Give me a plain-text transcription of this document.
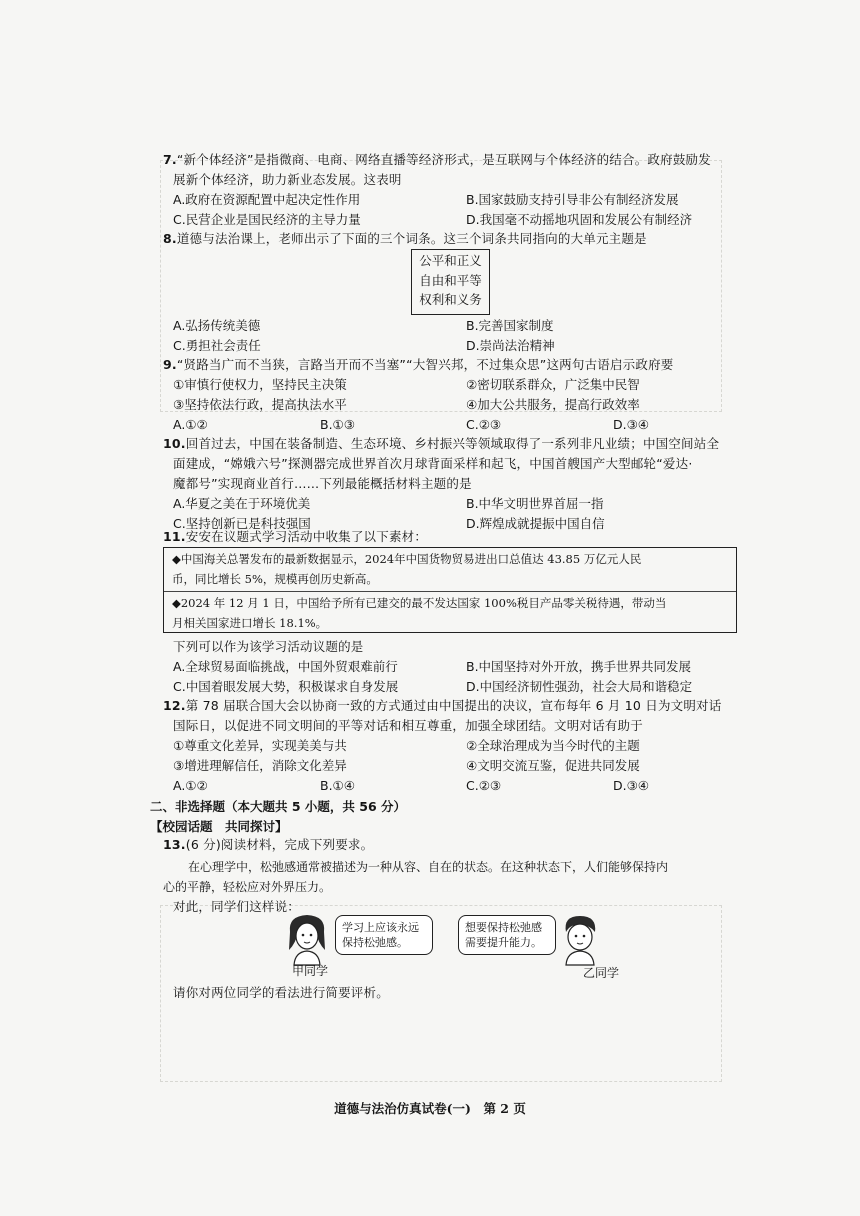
7.“新个体经济”是指微商、电商、网络直播等经济形式，是互联网与个体经济的结合。政府鼓励发
展新个体经济，助力新业态发展。这表明
A.政府在资源配置中起决定性作用	B.国家鼓励支持引导非公有制经济发展
C.民营企业是国民经济的主导力量	D.我国毫不动摇地巩固和发展公有制经济
8.道德与法治课上，老师出示了下面的三个词条。这三个词条共同指向的大单元主题是
公平和正义
自由和平等
权利和义务
A.弘扬传统美德	B.完善国家制度
C.勇担社会责任	D.崇尚法治精神
9.“贤路当广而不当狭，言路当开而不当塞”“大智兴邦，不过集众思”这两句古语启示政府要
①审慎行使权力，坚持民主决策	②密切联系群众，广泛集中民智
③坚持依法行政，提高执法水平	④加大公共服务，提高行政效率
A.①②	B.①③	C.②③	D.③④
10.回首过去，中国在装备制造、生态环境、乡村振兴等领域取得了一系列非凡业绩；中国空间站全
面建成，“嫦娥六号”探测器完成世界首次月球背面采样和起飞，中国首艘国产大型邮轮“爱达·
魔都号”实现商业首行……下列最能概括材料主题的是
A.华夏之美在于环境优美	B.中华文明世界首屈一指
C.坚持创新已是科技强国	D.辉煌成就提振中国自信
11.安安在议题式学习活动中收集了以下素材：
◆中国海关总署发布的最新数据显示，2024年中国货物贸易进出口总值达 43.85 万亿元人民
币，同比增长 5%，规模再创历史新高。
◆2024 年 12 月 1 日，中国给予所有已建交的最不发达国家 100%税目产品零关税待遇，带动当
月相关国家进口增长 18.1%。
下列可以作为该学习活动议题的是
A.全球贸易面临挑战，中国外贸艰难前行	B.中国坚持对外开放，携手世界共同发展
C.中国着眼发展大势，积极谋求自身发展	D.中国经济韧性强劲，社会大局和谐稳定
12.第 78 届联合国大会以协商一致的方式通过由中国提出的决议，宣布每年 6 月 10 日为文明对话
国际日，以促进不同文明间的平等对话和相互尊重，加强全球团结。文明对话有助于
①尊重文化差异，实现美美与共	②全球治理成为当今时代的主题
③增进理解信任，消除文化差异	④文明交流互鉴，促进共同发展
A.①②	B.①④	C.②③	D.③④
二、非选择题（本大题共 5 小题，共 56 分）
【校园话题　共同探讨】
13.(6 分)阅读材料，完成下列要求。
在心理学中，松弛感通常被描述为一种从容、自在的状态。在这种状态下，人们能够保持内
心的平静，轻松应对外界压力。
对此，同学们这样说：
学习上应该永远
保持松弛感。
甲同学
想要保持松弛感
需要提升能力。
乙同学
请你对两位同学的看法进行简要评析。
道德与法治仿真试卷(一)　第 2 页
